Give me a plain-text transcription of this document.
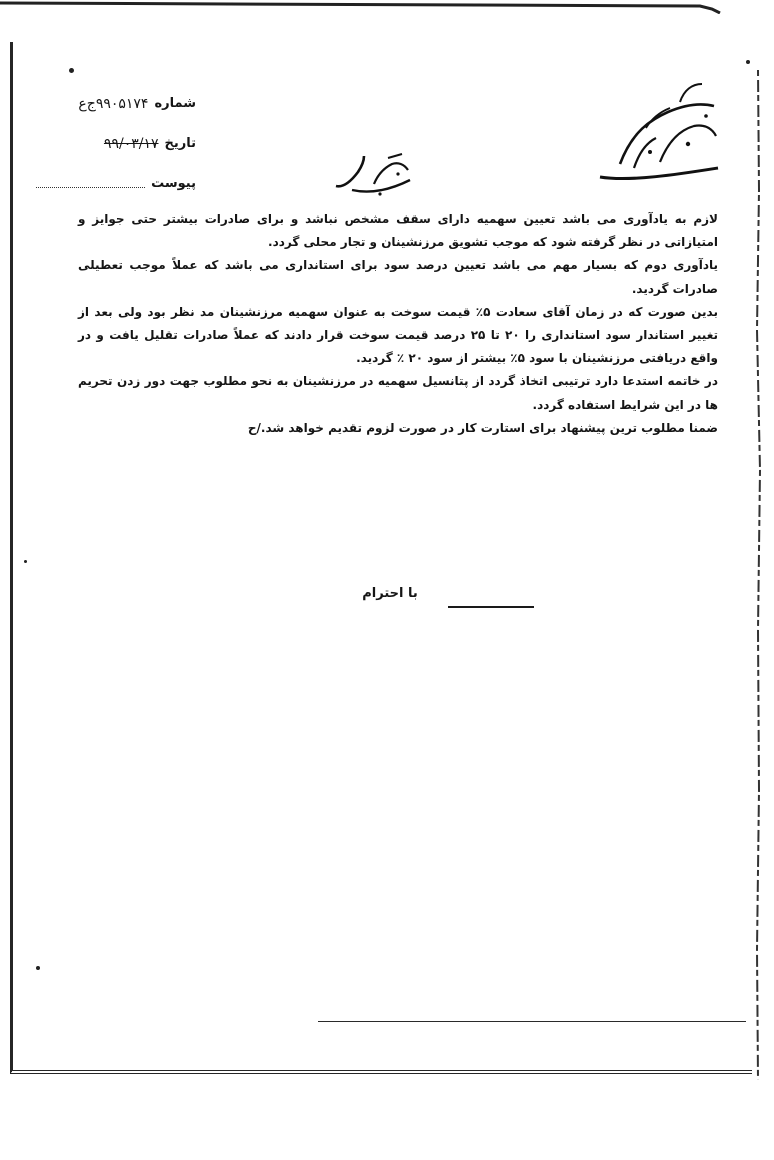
شماره
۹۹۰۵۱۷۴ج‌ع
تاریخ
۹۹/۰۳/۱۷
پیوست

لازم به یادآوری می باشد تعیین سهمیه دارای سقف مشخص نباشد و برای صادرات بیشتر حتی جوایز و امتیازاتی در نظر گرفته شود که موجب تشویق مرزنشینان و تجار محلی گردد.

یادآوری دوم که بسیار مهم می باشد تعیین درصد سود برای استانداری می باشد که عملاً موجب تعطیلی صادرات گردید.

بدین صورت که در زمان آقای سعادت ۵٪ قیمت سوخت به عنوان سهمیه مرزنشینان مد نظر بود ولی بعد از تغییر استاندار سود استانداری را ۲۰ تا ۲۵ درصد قیمت سوخت قرار دادند که عملاً صادرات تقلیل یافت و در واقع دریافتی مرزنشینان با سود ۵٪ بیشتر از سود ۲۰ ٪ گردید.

در خاتمه استدعا دارد ترتیبی اتخاذ گردد از پتانسیل سهمیه در مرزنشینان به نحو مطلوب جهت دور زدن تحریم ها در این شرایط استفاده گردد.

ضمنا مطلوب ترین پیشنهاد برای استارت کار در صورت لزوم تقدیم خواهد شد./ح

با احترام
